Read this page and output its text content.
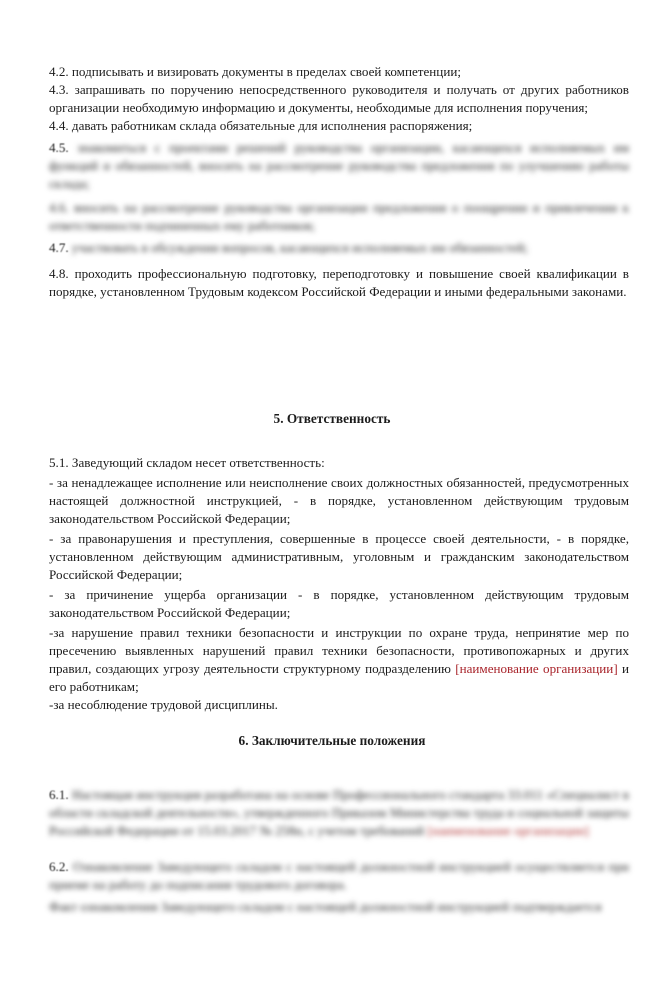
4.2. подписывать и визировать документы в пределах своей компетенции;

4.3. запрашивать по поручению непосредственного руководителя и получать от других работников организации необходимую информацию и документы, необходимые для исполнения поручения;

4.4. давать работникам склада обязательные для исполнения распоряжения;

4.5. знакомиться с проектами решений руководства организации, касающихся исполняемых им функций и обязанностей, вносить на рассмотрение руководства предложения по улучшению работы склада;

4.6. вносить на рассмотрение руководства организации предложения о поощрении и привлечении к ответственности подчиненных ему работников;

4.7. участвовать в обсуждении вопросов, касающихся исполняемых им обязанностей;

4.8. проходить профессиональную подготовку, переподготовку и повышение своей квалификации в порядке, установленном Трудовым кодексом Российской Федерации и иными федеральными законами.

5. Ответственность

5.1. Заведующий складом несет ответственность:

- за ненадлежащее исполнение или неисполнение своих должностных обязанностей, предусмотренных настоящей должностной инструкцией, - в порядке, установленном действующим трудовым законодательством Российской Федерации;

- за правонарушения и преступления, совершенные в процессе своей деятельности, - в порядке, установленном действующим административным, уголовным и гражданским законодательством Российской Федерации;

- за причинение ущерба организации - в порядке, установленном действующим трудовым законодательством Российской Федерации;

-за нарушение правил техники безопасности и инструкции по охране труда, непринятие мер по пресечению выявленных нарушений правил техники безопасности, противопожарных и других правил, создающих угрозу деятельности структурному подразделению [наименование организации] и его работникам;

-за несоблюдение трудовой дисциплины.

6. Заключительные положения

6.1. Настоящая инструкция разработана на основе Профессионального стандарта 33.011 «Специалист в области складской деятельности», утвержденного Приказом Министерства труда и социальной защиты Российской Федерации от 15.03.2017 № 258н, с учетом требований [наименование организации]

6.2. Ознакомление Заведующего складом с настоящей должностной инструкцией осуществляется при приеме на работу до подписания трудового договора.

Факт ознакомления Заведующего складом с настоящей должностной инструкцией подтверждается
